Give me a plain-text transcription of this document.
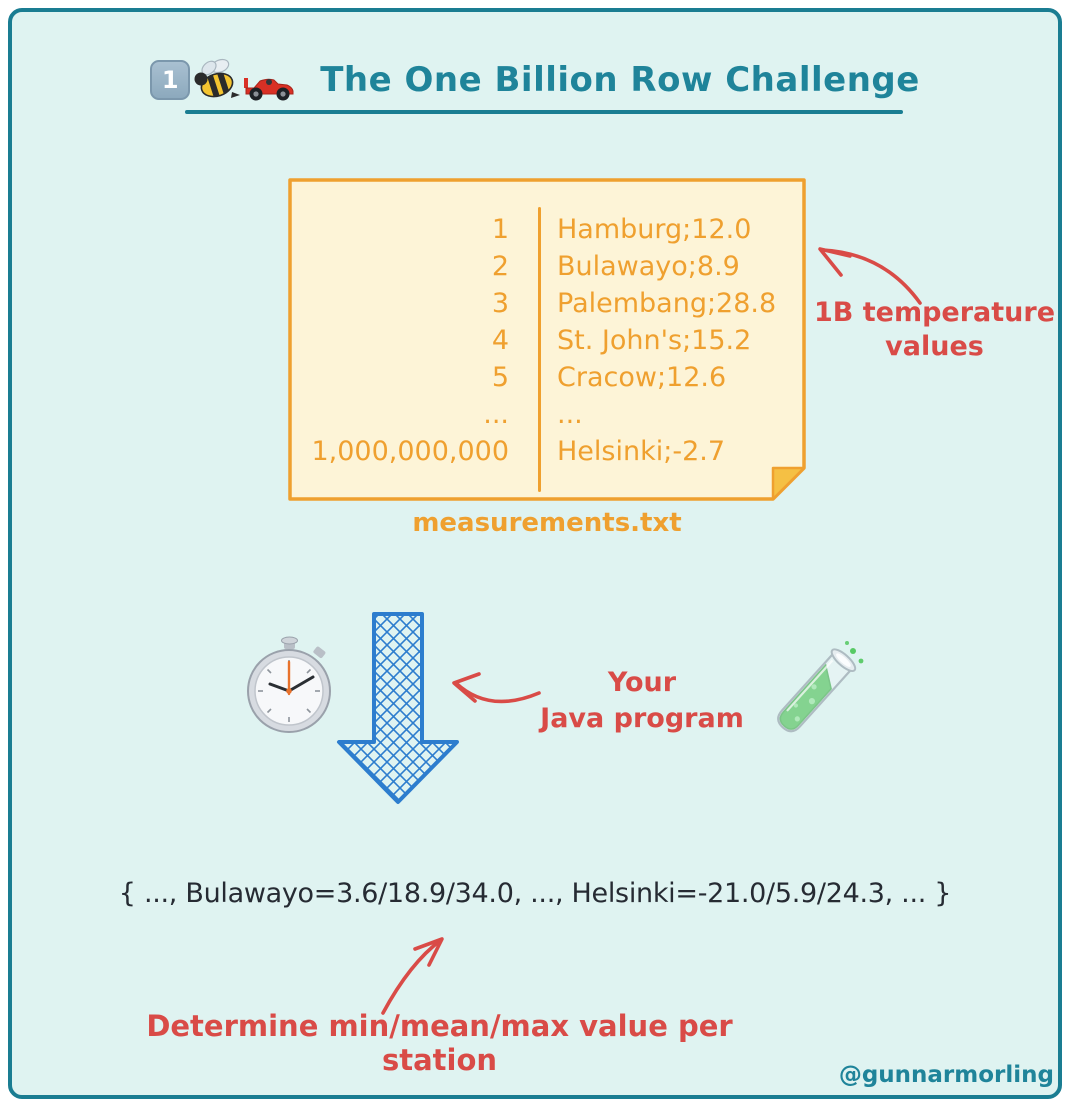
1	The One Billion Row Challenge
1 Hamburg;12.0
2 Bulawayo;8.9
3 Palembang;28.8
4 St. John's;15.2
5 Cracow;12.6
... ...
1,000,000,000 Helsinki;-2.7
measurements.txt
1B temperature
values
Your
Java program
{ ..., Bulawayo=3.6/18.9/34.0, ..., Helsinki=-21.0/5.9/24.3, ... }
Determine min/mean/max value per station	@gunnarmorling
